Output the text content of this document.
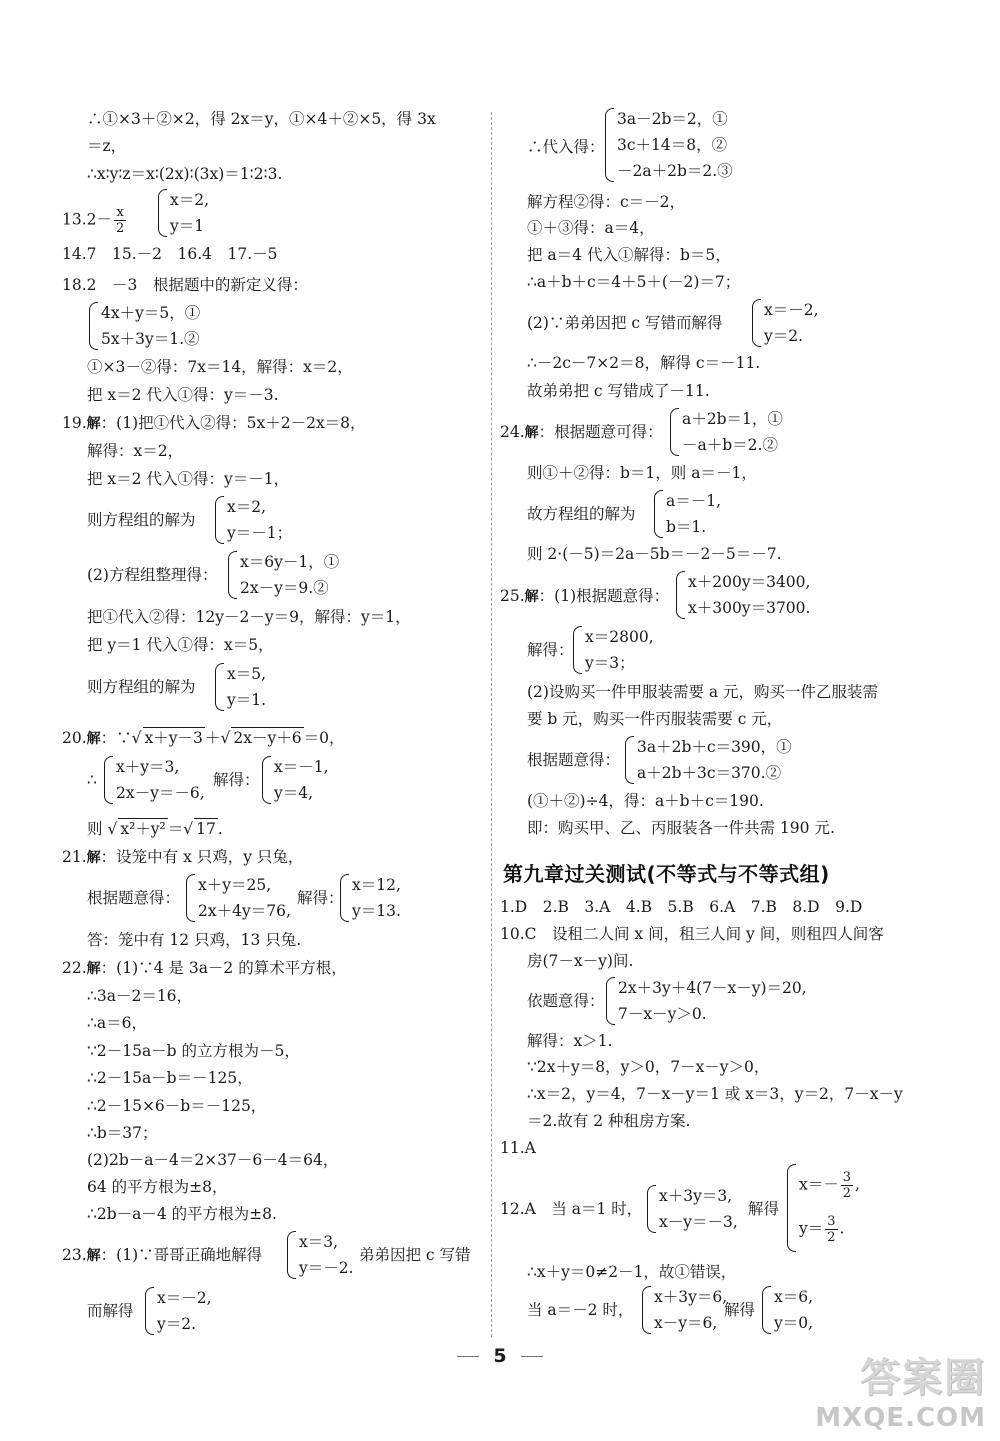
∴①×3＋②×2，得 2x＝y，①×4＋②×5，得 3x
＝z，
∴x∶y∶z＝x∶(2x)∶(3x)＝1∶2∶3.
$13.2- \frac{x}{2}$
x＝2,
y＝1
14.7　15.－2　16.4　17.－5
18.2　－3　根据题中的新定义得：
4x＋y＝5，①
5x＋3y＝1.②
①×3－②得：7x＝14，解得：x＝2，
把 x＝2 代入①得：y＝－3.
19.解：(1)把①代入②得：5x＋2－2x＝8，
解得：x＝2，
把 x＝2 代入①得：y＝－1，
则方程组的解为
x＝2,
y＝－1；
(2)方程组整理得：
x＝6y－1，①
2x－y＝9.②
把①代入②得：12y－2－y＝9，解得：y＝1，
把 y＝1 代入①得：x＝5，
则方程组的解为
x＝5,
y＝1.
20.解：∵√ x＋y－3 ＋√ 2x－y＋6 ＝0，
∴
x＋y＝3,
2x－y＝－6,
解得：
x＝－1,
y＝4,
则 √ x²＋y² ＝√ 17 .
21.解：设笼中有 x 只鸡，y 只兔，
根据题意得：
x＋y＝25,
2x＋4y＝76,
解得：
x＝12,
y＝13.
答：笼中有 12 只鸡，13 只兔.
22.解：(1)∵4 是 3a－2 的算术平方根，
∴3a－2＝16，
∴a＝6，
∵2－15a－b 的立方根为－5，
∴2－15a－b＝－125，
∴2－15×6－b＝－125，
∴b＝37；
(2)2b－a－4＝2×37－6－4＝64，
64 的平方根为±8，
∴2b－a－4 的平方根为±8.
23.解：(1)∵哥哥正确地解得
x＝3,
y＝－2.
弟弟因把 c 写错
而解得
x＝－2,
y＝2.
∴代入得：
3a－2b＝2，①
3c＋14＝8，②
－2a＋2b＝2.③
解方程②得：c＝－2，
①＋③得：a＝4，
把 a＝4 代入①解得：b＝5，
∴a＋b＋c＝4＋5＋(－2)＝7；
(2)∵弟弟因把 c 写错而解得
x＝－2,
y＝2.
∴－2c－7×2＝8，解得 c＝－11.
故弟弟把 c 写错成了－11.
24.解：根据题意可得：
a＋2b＝1，①
－a＋b＝2.②
则①＋②得：b＝1，则 a＝－1，
故方程组的解为
a＝－1,
b＝1.
则 2·(－5)＝2a－5b＝－2－5＝－7.
25.解：(1)根据题意得：
x＋200y＝3400,
x＋300y＝3700.
解得：
x＝2800,
y＝3；
(2)设购买一件甲服装需要 a 元，购买一件乙服装需
要 b 元，购买一件丙服装需要 c 元，
根据题意得：
3a＋2b＋c＝390，①
a＋2b＋3c＝370.②
(①＋②)÷4，得：a＋b＋c＝190.
即：购买甲、乙、丙服装各一件共需 190 元.
第九章过关测试(不等式与不等式组)
1.D　2.B　3.A　4.B　5.B　6.A　7.B　8.D　9.D
10.C　设租二人间 x 间，租三人间 y 间，则租四人间客
房(7－x－y)间.
依题意得：
2x＋3y＋4(7－x－y)＝20,
7－x－y＞0.
解得：x＞1.
∵2x＋y＝8，y＞0，7－x－y＞0，
∴x＝2，y＝4，7－x－y＝1 或 x＝3，y＝2，7－x－y
＝2.故有 2 种租房方案.
11.A
12.A　当 a＝1 时，
x＋3y＝3,
x－y＝－3,
解得
$x=- \frac{3}{2}$ ,
$y= \frac{3}{2}$ .
∴x＋y＝0≠2－1，故①错误，
当 a＝－2 时，
x＋3y＝6,
x－y＝6,
解得
x＝6,
y＝0,
5	答案圈
MXQE.COM
